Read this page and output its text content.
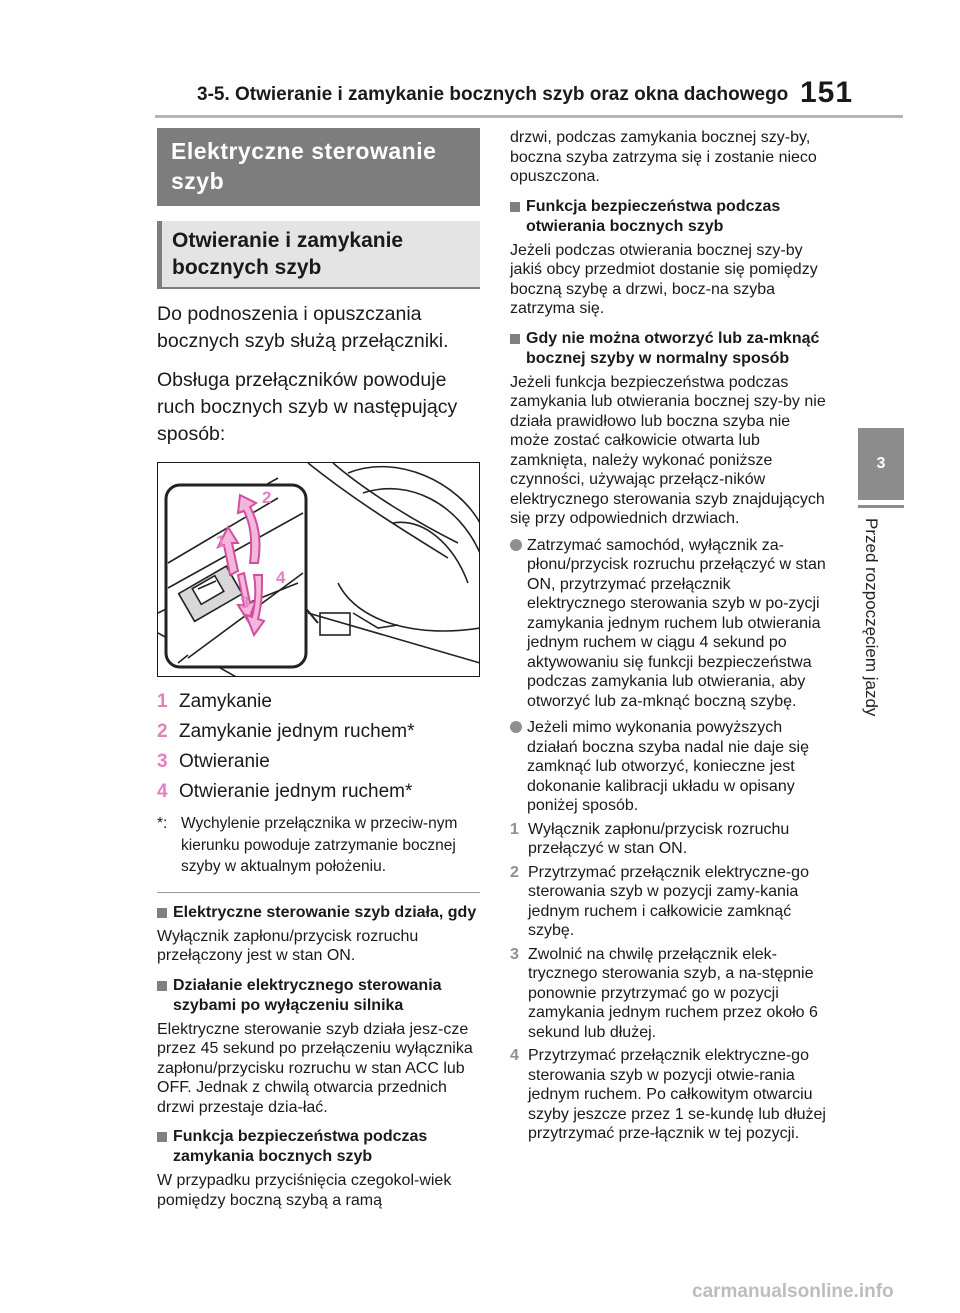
3-5. Otwieranie i zamykanie bocznych szyb oraz okna dachowego 151
3
Przed rozpoczęciem jazdy
Elektryczne sterowanie szyb
Otwieranie i zamykanie bocznych szyb

Do podnoszenia i opuszczania bocznych szyb służą przełączniki.

Obsługa przełączników powoduje ruch bocznych szyb w następujący sposób:

1
2
3
4
1 Zamykanie
2 Zamykanie jednym ruchem*
3 Otwieranie
4 Otwieranie jednym ruchem*
*: Wychylenie przełącznika w przeciw-nym kierunku powoduje zatrzymanie bocznej szyby w aktualnym położeniu.
Elektryczne sterowanie szyb działa, gdy

Wyłącznik zapłonu/przycisk rozruchu przełączony jest w stan ON.

Działanie elektrycznego sterowania szybami po wyłączeniu silnika

Elektryczne sterowanie szyb działa jesz-cze przez 45 sekund po przełączeniu wyłącznika zapłonu/przycisku rozruchu w stan ACC lub OFF. Jednak z chwilą otwarcia przednich drzwi przestaje dzia-łać.

Funkcja bezpieczeństwa podczas zamykania bocznych szyb

W przypadku przyciśnięcia czegokol-wiek pomiędzy boczną szybą a ramą

drzwi, podczas zamykania bocznej szy-by, boczna szyba zatrzyma się i zostanie nieco opuszczona.

Funkcja bezpieczeństwa podczas otwierania bocznych szyb

Jeżeli podczas otwierania bocznej szy-by jakiś obcy przedmiot dostanie się pomiędzy boczną szybę a drzwi, bocz-na szyba zatrzyma się.

Gdy nie można otworzyć lub za-mknąć bocznej szyby w normalny sposób

Jeżeli funkcja bezpieczeństwa podczas zamykania lub otwierania bocznej szy-by nie działa prawidłowo lub boczna szyba nie może zostać całkowicie otwarta lub zamknięta, należy wykonać poniższe czynności, używając przełącz-ników elektrycznego sterowania szyb znajdujących się przy odpowiednich drzwiach.

Zatrzymać samochód, wyłącznik za-płonu/przycisk rozruchu przełączyć w stan ON, przytrzymać przełącznik elektrycznego sterowania szyb w po-zycji zamykania jednym ruchem lub otwierania jednym ruchem w ciągu 4 sekund po aktywowaniu się funkcji bezpieczeństwa podczas zamykania lub otwierania, aby otworzyć lub za-mknąć boczną szybę.
Jeżeli mimo wykonania powyższych działań boczna szyba nadal nie daje się zamknąć lub otworzyć, konieczne jest dokonanie kalibracji układu w opisany poniżej sposób.
1 Wyłącznik zapłonu/przycisk rozruchu przełączyć w stan ON.
2 Przytrzymać przełącznik elektryczne-go sterowania szyb w pozycji zamy-kania jednym ruchem i całkowicie zamknąć szybę.
3 Zwolnić na chwilę przełącznik elek-trycznego sterowania szyb, a na-stępnie ponownie przytrzymać go w pozycji zamykania jednym ruchem przez około 6 sekund lub dłużej.
4 Przytrzymać przełącznik elektryczne-go sterowania szyb w pozycji otwie-rania jednym ruchem. Po całkowitym otwarciu szyby jeszcze przez 1 se-kundę lub dłużej przytrzymać prze-łącznik w tej pozycji.
carmanualsonline.info
